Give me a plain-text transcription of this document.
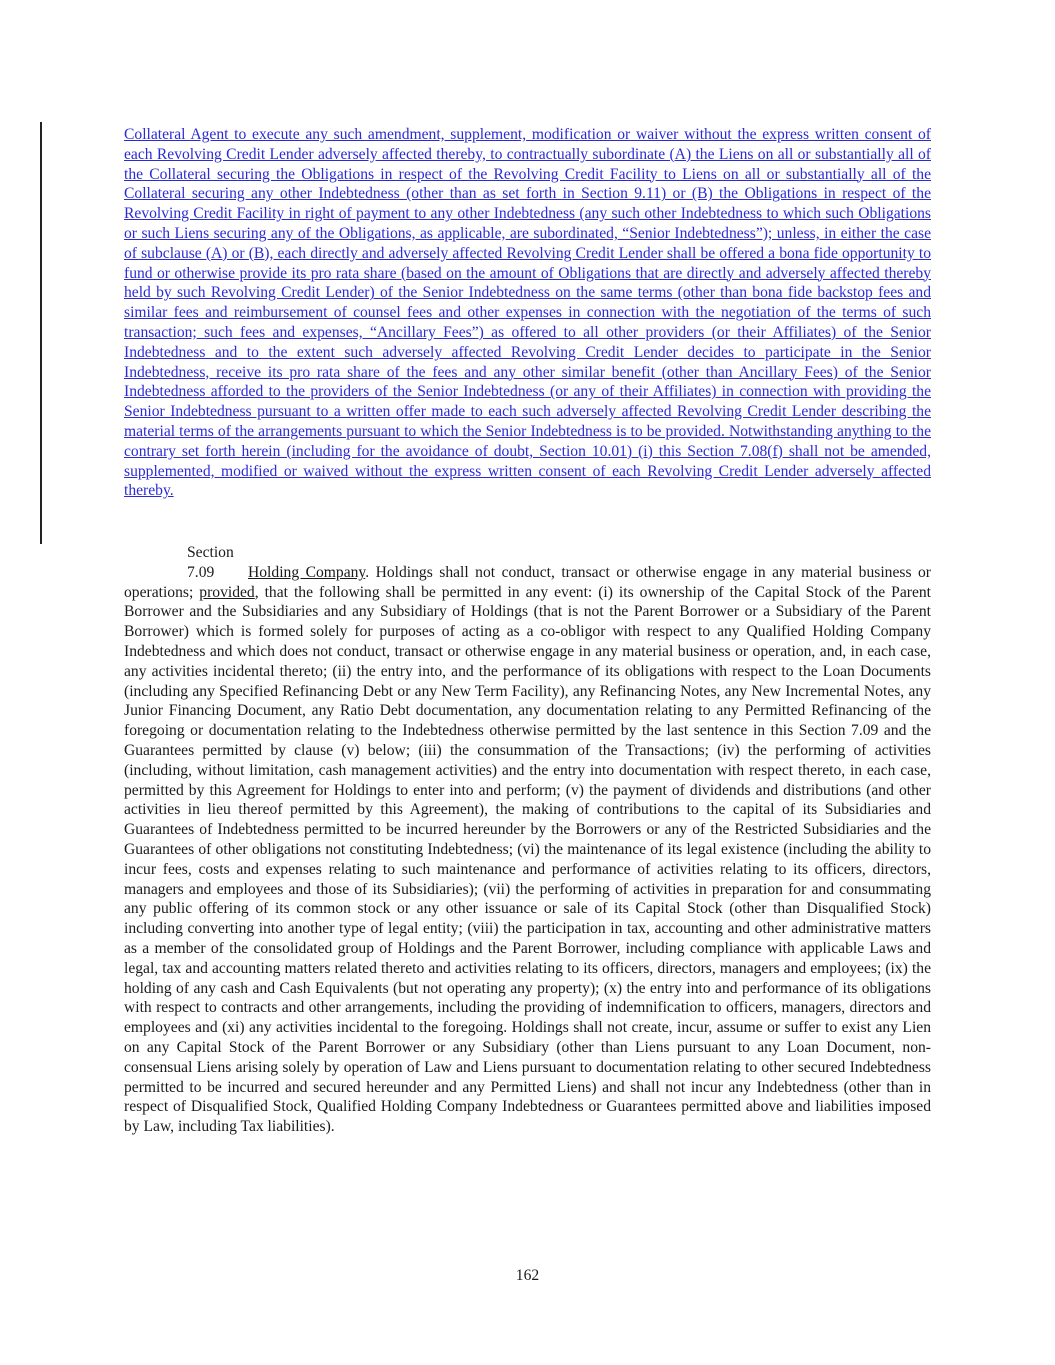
Collateral Agent to execute any such amendment, supplement, modification or waiver without the express written consent of each Revolving Credit Lender adversely affected thereby, to contractually subordinate (A) the Liens on all or substantially all of the Collateral securing the Obligations in respect of the Revolving Credit Facility to Liens on all or substantially all of the Collateral securing any other Indebtedness (other than as set forth in Section 9.11) or (B) the Obligations in respect of the Revolving Credit Facility in right of payment to any other Indebtedness (any such other Indebtedness to which such Obligations or such Liens securing any of the Obligations, as applicable, are subordinated, “Senior Indebtedness”); unless, in either the case of subclause (A) or (B), each directly and adversely affected Revolving Credit Lender shall be offered a bona fide opportunity to fund or otherwise provide its pro rata share (based on the amount of Obligations that are directly and adversely affected thereby held by such Revolving Credit Lender) of the Senior Indebtedness on the same terms (other than bona fide backstop fees and similar fees and reimbursement of counsel fees and other expenses in connection with the negotiation of the terms of such transaction; such fees and expenses, “Ancillary Fees”) as offered to all other providers (or their Affiliates) of the Senior Indebtedness and to the extent such adversely affected Revolving Credit Lender decides to participate in the Senior Indebtedness, receive its pro rata share of the fees and any other similar benefit (other than Ancillary Fees) of the Senior Indebtedness afforded to the providers of the Senior Indebtedness (or any of their Affiliates) in connection with providing the Senior Indebtedness pursuant to a written offer made to each such adversely affected Revolving Credit Lender describing the material terms of the arrangements pursuant to which the Senior Indebtedness is to be provided. Notwithstanding anything to the contrary set forth herein (including for the avoidance of doubt, Section 10.01) (i) this Section 7.08(f) shall not be amended, supplemented, modified or waived without the express written consent of each Revolving Credit Lender adversely affected thereby.

Section 7.09 Holding Company. Holdings shall not conduct, transact or otherwise engage in any material business or operations; provided, that the following shall be permitted in any event: (i) its ownership of the Capital Stock of the Parent Borrower and the Subsidiaries and any Subsidiary of Holdings (that is not the Parent Borrower or a Subsidiary of the Parent Borrower) which is formed solely for purposes of acting as a co-obligor with respect to any Qualified Holding Company Indebtedness and which does not conduct, transact or otherwise engage in any material business or operation, and, in each case, any activities incidental thereto; (ii) the entry into, and the performance of its obligations with respect to the Loan Documents (including any Specified Refinancing Debt or any New Term Facility), any Refinancing Notes, any New Incremental Notes, any Junior Financing Document, any Ratio Debt documentation, any documentation relating to any Permitted Refinancing of the foregoing or documentation relating to the Indebtedness otherwise permitted by the last sentence in this Section 7.09 and the Guarantees permitted by clause (v) below; (iii) the consummation of the Transactions; (iv) the performing of activities (including, without limitation, cash management activities) and the entry into documentation with respect thereto, in each case, permitted by this Agreement for Holdings to enter into and perform; (v) the payment of dividends and distributions (and other activities in lieu thereof permitted by this Agreement), the making of contributions to the capital of its Subsidiaries and Guarantees of Indebtedness permitted to be incurred hereunder by the Borrowers or any of the Restricted Subsidiaries and the Guarantees of other obligations not constituting Indebtedness; (vi) the maintenance of its legal existence (including the ability to incur fees, costs and expenses relating to such maintenance and performance of activities relating to its officers, directors, managers and employees and those of its Subsidiaries); (vii) the performing of activities in preparation for and consummating any public offering of its common stock or any other issuance or sale of its Capital Stock (other than Disqualified Stock) including converting into another type of legal entity; (viii) the participation in tax, accounting and other administrative matters as a member of the consolidated group of Holdings and the Parent Borrower, including compliance with applicable Laws and legal, tax and accounting matters related thereto and activities relating to its officers, directors, managers and employees; (ix) the holding of any cash and Cash Equivalents (but not operating any property); (x) the entry into and performance of its obligations with respect to contracts and other arrangements, including the providing of indemnification to officers, managers, directors and employees and (xi) any activities incidental to the foregoing. Holdings shall not create, incur, assume or suffer to exist any Lien on any Capital Stock of the Parent Borrower or any Subsidiary (other than Liens pursuant to any Loan Document, non-consensual Liens arising solely by operation of Law and Liens pursuant to documentation relating to other secured Indebtedness permitted to be incurred and secured hereunder and any Permitted Liens) and shall not incur any Indebtedness (other than in respect of Disqualified Stock, Qualified Holding Company Indebtedness or Guarantees permitted above and liabilities imposed by Law, including Tax liabilities).

162
